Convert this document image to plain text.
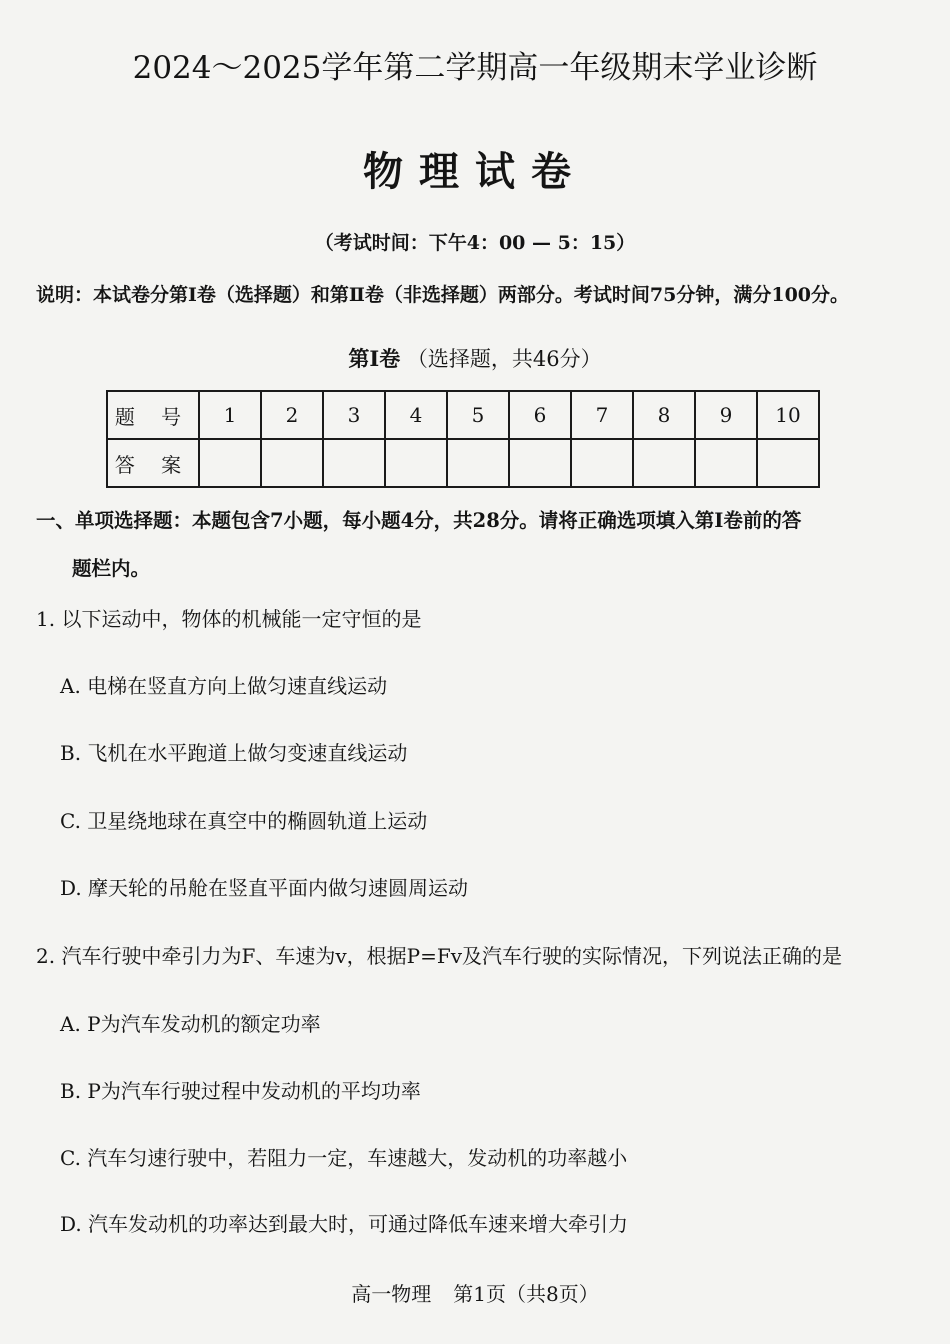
2024～2025学年第二学期高一年级期末学业诊断
物理试卷
（考试时间：下午4：00 — 5：15）
说明：本试卷分第Ⅰ卷（选择题）和第Ⅱ卷（非选择题）两部分。考试时间75分钟，满分100分。
第Ⅰ卷 （选择题，共46分）
题 号	1	2	3	4	5	6	7	8	9	10
答 案										
一、单项选择题：本题包含7小题，每小题4分，共28分。请将正确选项填入第Ⅰ卷前的答
题栏内。
1. 以下运动中，物体的机械能一定守恒的是
A. 电梯在竖直方向上做匀速直线运动
B. 飞机在水平跑道上做匀变速直线运动
C. 卫星绕地球在真空中的椭圆轨道上运动
D. 摩天轮的吊舱在竖直平面内做匀速圆周运动
2. 汽车行驶中牵引力为F、车速为v，根据P=Fv及汽车行驶的实际情况，下列说法正确的是
A. P为汽车发动机的额定功率
B. P为汽车行驶过程中发动机的平均功率
C. 汽车匀速行驶中，若阻力一定，车速越大，发动机的功率越小
D. 汽车发动机的功率达到最大时，可通过降低车速来增大牵引力
高一物理 第1页（共8页）
